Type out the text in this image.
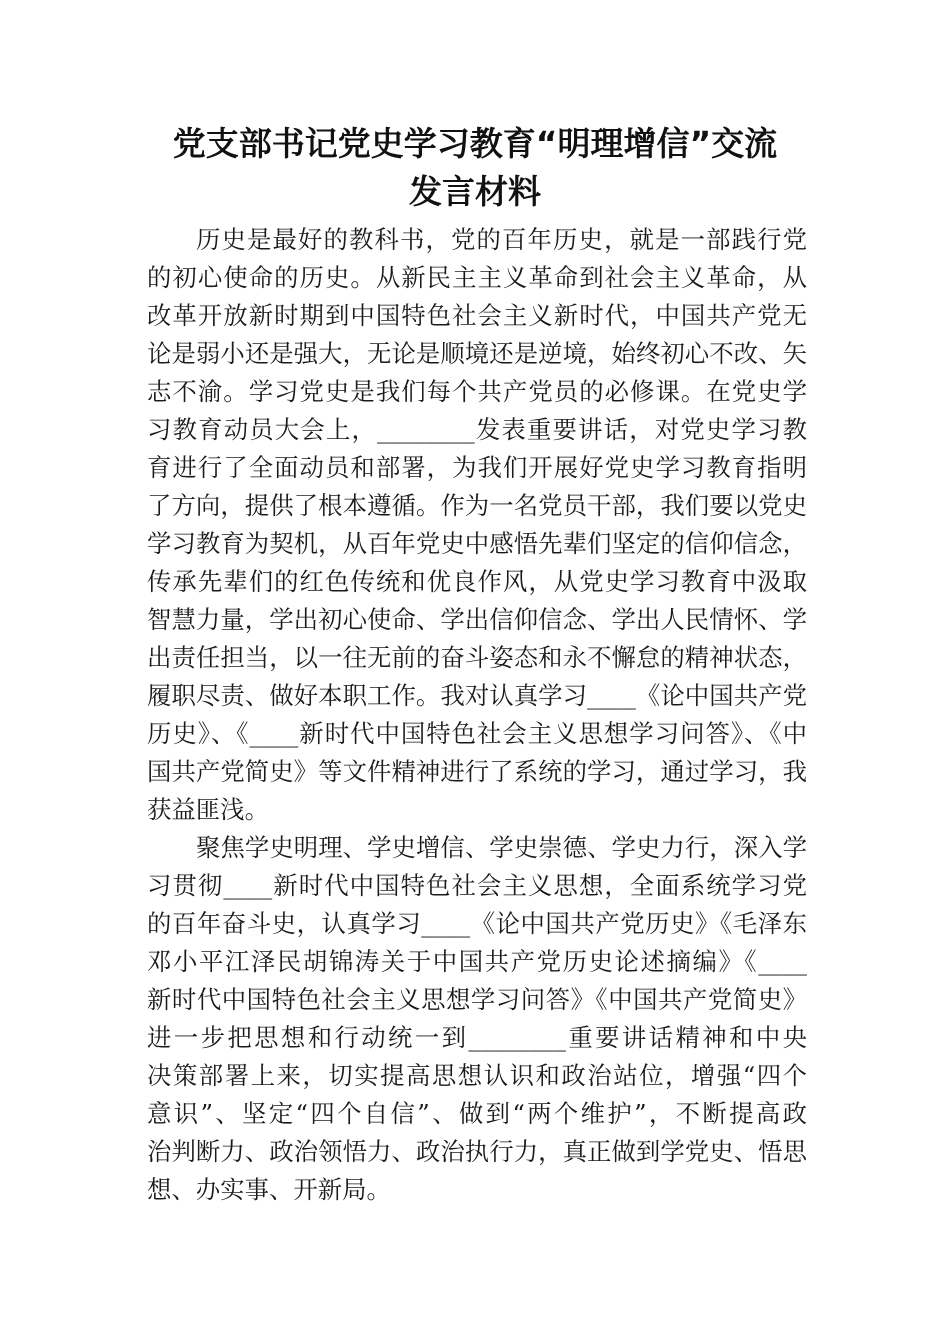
党支部书记党史学习教育“明理增信”交流
发言材料
历史是最好的教科书，党的百年历史，就是一部践行党
的初心使命的历史。从新民主主义革命到社会主义革命，从
改革开放新时期到中国特色社会主义新时代，中国共产党无
论是弱小还是强大，无论是顺境还是逆境，始终初心不改、矢
志不渝。学习党史是我们每个共产党员的必修课。在党史学
习教育动员大会上，________发表重要讲话，对党史学习教
育进行了全面动员和部署，为我们开展好党史学习教育指明
了方向，提供了根本遵循。作为一名党员干部，我们要以党史
学习教育为契机，从百年党史中感悟先辈们坚定的信仰信念，
传承先辈们的红色传统和优良作风，从党史学习教育中汲取
智慧力量，学出初心使命、学出信仰信念、学出人民情怀、学
出责任担当，以一往无前的奋斗姿态和永不懈怠的精神状态，
履职尽责、做好本职工作。我对认真学习____《论中国共产党
历史》、《____新时代中国特色社会主义思想学习问答》、《中
国共产党简史》等文件精神进行了系统的学习，通过学习，我
获益匪浅。
聚焦学史明理、学史增信、学史崇德、学史力行，深入学
习贯彻____新时代中国特色社会主义思想，全面系统学习党
的百年奋斗史，认真学习____《论中国共产党历史》《毛泽东
邓小平江泽民胡锦涛关于中国共产党历史论述摘编》《____
新时代中国特色社会主义思想学习问答》《中国共产党简史》
进一步把思想和行动统一到________重要讲话精神和中央
决策部署上来，切实提高思想认识和政治站位，增强“四个
意识”、坚定“四个自信”、做到“两个维护”，不断提高政
治判断力、政治领悟力、政治执行力，真正做到学党史、悟思
想、办实事、开新局。
